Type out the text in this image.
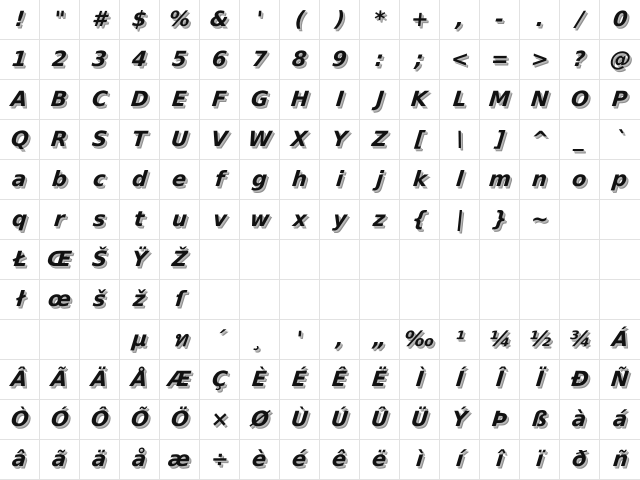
! " # $ % & ' ( ) * + , - . / 0
1 2 3 4 5 6 7 8 9 : ; < = > ? @
A B C D E F G H I J K L M N O P
Q R S T U V W X Y Z [ \ ] ^ _ `
a b c d e f g h i j k l m n o p
q r s t u v w x y z { | } ~
Ł Œ Š Ÿ Ž
ł œ š ž ſ
μ ท ´ ¸ ' ‚ „ ‰ ¹ ¼ ½ ¾ Á
Â Ã Ä Å Æ Ç È É Ê Ë Ì Í Î Ï Ð Ñ
Ò Ó Ô Õ Ö × Ø Ù Ú Û Ü Ý Þ ß à á
â ã ä å æ ÷ è é ê ë ì í î ï ð ñ
